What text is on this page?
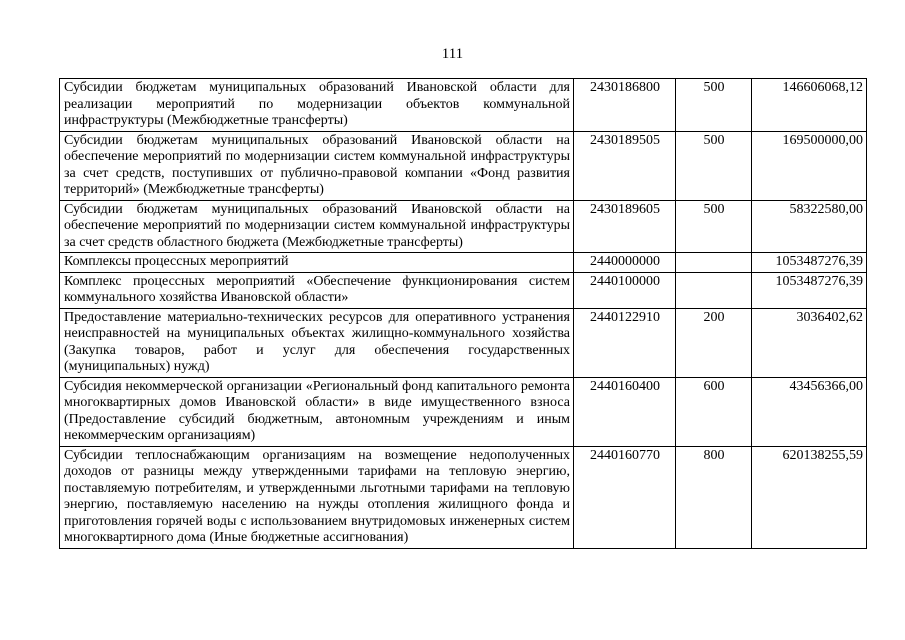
111
Субсидии бюджетам муниципальных образований Ивановской области для реализации мероприятий по модернизации объектов коммунальной инфраструктуры (Межбюджетные трансферты)	2430186800	500	146606068,12
Субсидии бюджетам муниципальных образований Ивановской области на обеспечение мероприятий по модернизации систем коммунальной инфраструктуры за счет средств, поступивших от публично-правовой компании «Фонд развития территорий» (Межбюджетные трансферты)	2430189505	500	169500000,00
Субсидии бюджетам муниципальных образований Ивановской области на обеспечение мероприятий по модернизации систем коммунальной инфраструктуры за счет средств областного бюджета (Межбюджетные трансферты)	2430189605	500	58322580,00
Комплексы процессных мероприятий	2440000000		1053487276,39
Комплекс процессных мероприятий «Обеспечение функционирования систем коммунального хозяйства Ивановской области»	2440100000		1053487276,39
Предоставление материально-технических ресурсов для оперативного устранения неисправностей на муниципальных объектах жилищно-коммунального хозяйства (Закупка товаров, работ и услуг для обеспечения государственных (муниципальных) нужд)	2440122910	200	3036402,62
Субсидия некоммерческой организации «Региональный фонд капитального ремонта многоквартирных домов Ивановской области» в виде имущественного взноса (Предоставление субсидий бюджетным, автономным учреждениям и иным некоммерческим организациям)	2440160400	600	43456366,00
Субсидии теплоснабжающим организациям на возмещение недополученных доходов от разницы между утвержденными тарифами на тепловую энергию, поставляемую потребителям, и утвержденными льготными тарифами на тепловую энергию, поставляемую населению на нужды отопления жилищного фонда и приготовления горячей воды с использованием внутридомовых инженерных систем многоквартирного дома (Иные бюджетные ассигнования)	2440160770	800	620138255,59
